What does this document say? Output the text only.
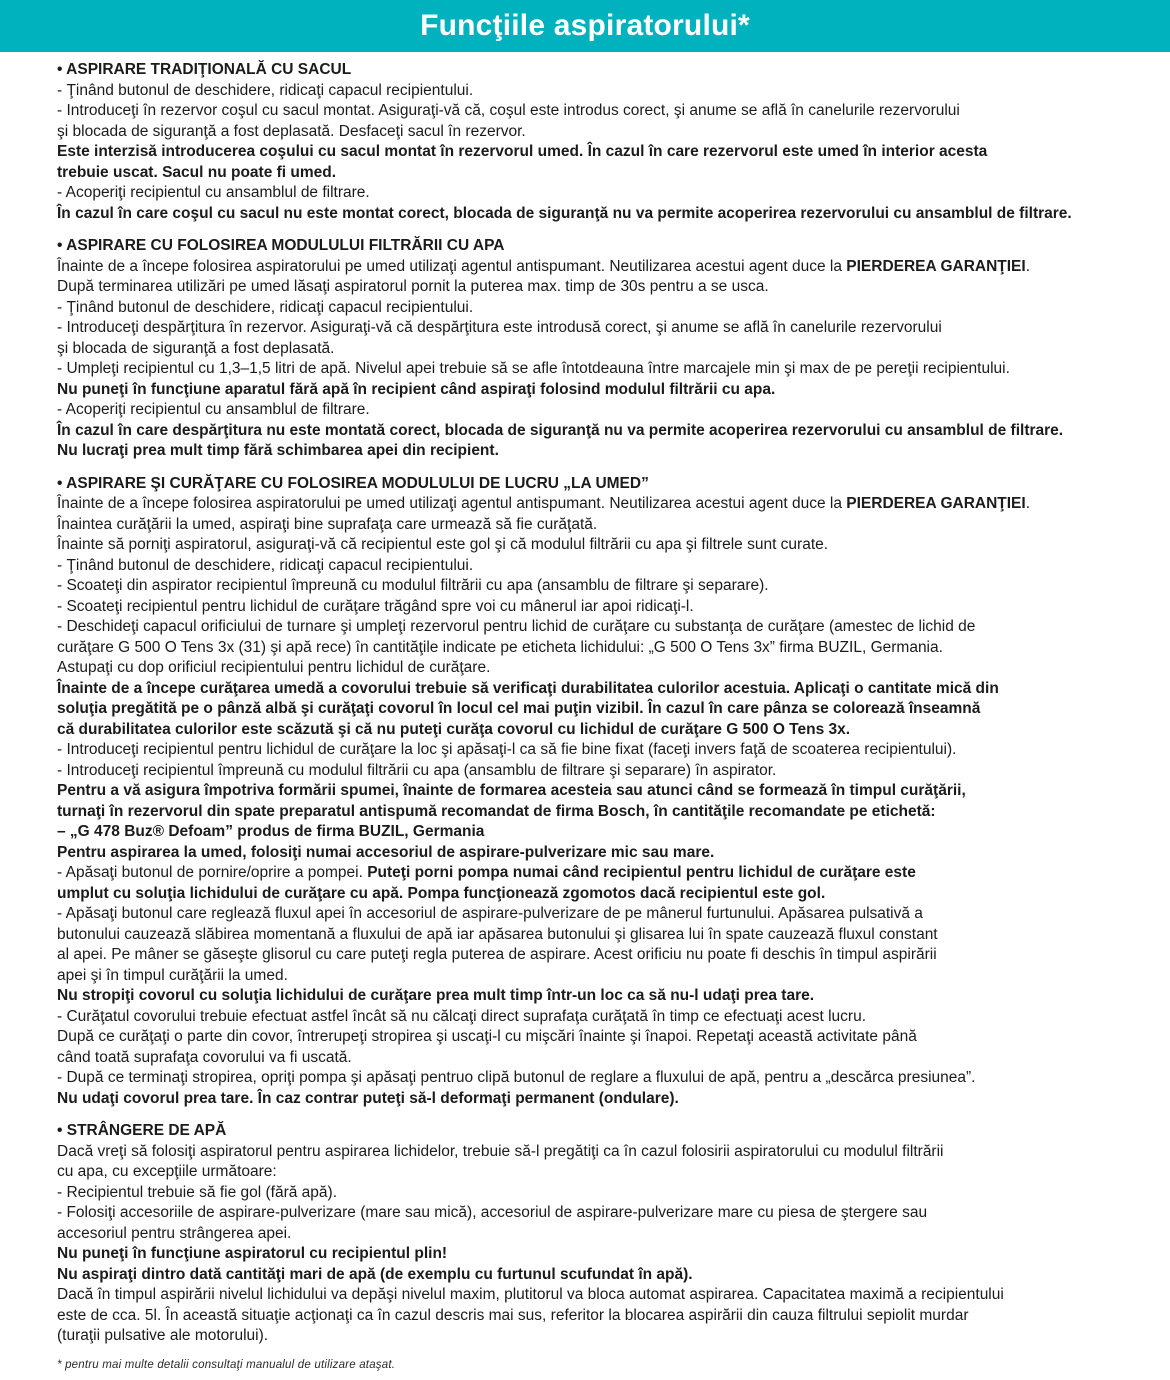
Funcţiile aspiratorului*
• ASPIRARE TRADIŢIONALĂ CU SACUL
- Ţinând butonul de deschidere, ridicaţi capacul recipientului.
- Introduceţi în rezervor coşul cu sacul montat. Asiguraţi-vă că, coşul este introdus corect, şi anume se află în canelurile rezervorului
şi blocada de siguranţă a fost deplasată. Desfaceţi sacul în rezervor.
Este interzisă introducerea coşului cu sacul montat în rezervorul umed. În cazul în care rezervorul este umed în interior acesta
trebuie uscat. Sacul nu poate fi umed.
- Acoperiţi recipientul cu ansamblul de filtrare.
În cazul în care coşul cu sacul nu este montat corect, blocada de siguranţă nu va permite acoperirea rezervorului cu ansamblul de filtrare.
• ASPIRARE CU FOLOSIREA MODULULUI FILTRĂRII CU APA
Înainte de a începe folosirea aspiratorului pe umed utilizaţi agentul antispumant. Neutilizarea acestui agent duce la PIERDEREA GARANŢIEI.
După terminarea utilizări pe umed lăsaţi aspiratorul pornit la puterea max. timp de 30s pentru a se usca.
- Ţinând butonul de deschidere, ridicaţi capacul recipientului.
- Introduceţi despărţitura în rezervor. Asiguraţi-vă că despărţitura este introdusă corect, şi anume se află în canelurile rezervorului
şi blocada de siguranţă a fost deplasată.
- Umpleţi recipientul cu 1,3–1,5 litri de apă. Nivelul apei trebuie să se afle întotdeauna între marcajele min şi max de pe pereţii recipientului.
Nu puneţi în funcţiune aparatul fără apă în recipient când aspiraţi folosind modulul filtrării cu apa.
- Acoperiţi recipientul cu ansamblul de filtrare.
În cazul în care despărţitura nu este montată corect, blocada de siguranţă nu va permite acoperirea rezervorului cu ansamblul de filtrare.
Nu lucraţi prea mult timp fără schimbarea apei din recipient.
• ASPIRARE ŞI CURĂŢARE CU FOLOSIREA MODULULUI DE LUCRU „LA UMED”
Înainte de a începe folosirea aspiratorului pe umed utilizaţi agentul antispumant. Neutilizarea acestui agent duce la PIERDEREA GARANŢIEI.
Înaintea curăţării la umed, aspiraţi bine suprafaţa care urmează să fie curăţată.
Înainte să porniţi aspiratorul, asiguraţi-vă că recipientul este gol şi că modulul filtrării cu apa şi filtrele sunt curate.
- Ţinând butonul de deschidere, ridicaţi capacul recipientului.
- Scoateţi din aspirator recipientul împreună cu modulul filtrării cu apa (ansamblu de filtrare şi separare).
- Scoateţi recipientul pentru lichidul de curăţare trăgând spre voi cu mânerul iar apoi ridicaţi-l.
- Deschideţi capacul orificiului de turnare şi umpleţi rezervorul pentru lichid de curăţare cu substanţa de curăţare (amestec de lichid de
curăţare G 500 O Tens 3x (31) şi apă rece) în cantităţile indicate pe eticheta lichidului: „G 500 O Tens 3x” firma BUZIL, Germania.
Astupaţi cu dop orificiul recipientului pentru lichidul de curăţare.
Înainte de a începe curăţarea umedă a covorului trebuie să verificaţi durabilitatea culorilor acestuia. Aplicaţi o cantitate mică din
soluţia pregătită pe o pânză albă şi curăţaţi covorul în locul cel mai puţin vizibil. În cazul în care pânza se colorează înseamnă
că durabilitatea culorilor este scăzută şi că nu puteţi curăţa covorul cu lichidul de curăţare G 500 O Tens 3x.
- Introduceţi recipientul pentru lichidul de curăţare la loc şi apăsaţi-l ca să fie bine fixat (faceţi invers faţă de scoaterea recipientului).
- Introduceţi recipientul împreună cu modulul filtrării cu apa (ansamblu de filtrare şi separare) în aspirator.
Pentru a vă asigura împotriva formării spumei, înainte de formarea acesteia sau atunci când se formează în timpul curăţării,
turnaţi în rezervorul din spate preparatul antispumă recomandat de firma Bosch, în cantităţile recomandate pe etichetă:
– „G 478 Buz® Defoam” produs de firma BUZIL, Germania
Pentru aspirarea la umed, folosiţi numai accesoriul de aspirare-pulverizare mic sau mare.
- Apăsaţi butonul de pornire/oprire a pompei. Puteţi porni pompa numai când recipientul pentru lichidul de curăţare este
umplut cu soluţia lichidului de curăţare cu apă. Pompa funcţionează zgomotos dacă recipientul este gol.
- Apăsaţi butonul care reglează fluxul apei în accesoriul de aspirare-pulverizare de pe mânerul furtunului. Apăsarea pulsativă a
butonului cauzează slăbirea momentană a fluxului de apă iar apăsarea butonului şi glisarea lui în spate cauzează fluxul constant
al apei. Pe mâner se găseşte glisorul cu care puteţi regla puterea de aspirare. Acest orificiu nu poate fi deschis în timpul aspirării
apei şi în timpul curăţării la umed.
Nu stropiţi covorul cu soluţia lichidului de curăţare prea mult timp într-un loc ca să nu-l udaţi prea tare.
- Curăţatul covorului trebuie efectuat astfel încât să nu călcaţi direct suprafaţa curăţată în timp ce efectuaţi acest lucru.
După ce curăţaţi o parte din covor, întrerupeţi stropirea şi uscaţi-l cu mişcări înainte şi înapoi. Repetaţi această activitate până
când toată suprafaţa covorului va fi uscată.
- După ce terminaţi stropirea, opriţi pompa şi apăsaţi pentruo clipă butonul de reglare a fluxului de apă, pentru a „descărca presiunea”.
Nu udaţi covorul prea tare. În caz contrar puteţi să-l deformaţi permanent (ondulare).
• STRÂNGERE DE APĂ
Dacă vreţi să folosiţi aspiratorul pentru aspirarea lichidelor, trebuie să-l pregătiţi ca în cazul folosirii aspiratorului cu modulul filtrării
cu apa, cu excepţiile următoare:
- Recipientul trebuie să fie gol (fără apă).
- Folosiţi accesoriile de aspirare-pulverizare (mare sau mică), accesoriul de aspirare-pulverizare mare cu piesa de ştergere sau
accesoriul pentru strângerea apei.
Nu puneţi în funcţiune aspiratorul cu recipientul plin!
Nu aspiraţi dintro dată cantităţi mari de apă (de exemplu cu furtunul scufundat în apă).
Dacă în timpul aspirării nivelul lichidului va depăşi nivelul maxim, plutitorul va bloca automat aspirarea. Capacitatea maximă a recipientului
este de cca. 5l. În această situaţie acţionaţi ca în cazul descris mai sus, referitor la blocarea aspirării din cauza filtrului sepiolit murdar
(turaţii pulsative ale motorului).
* pentru mai multe detalii consultaţi manualul de utilizare ataşat.
